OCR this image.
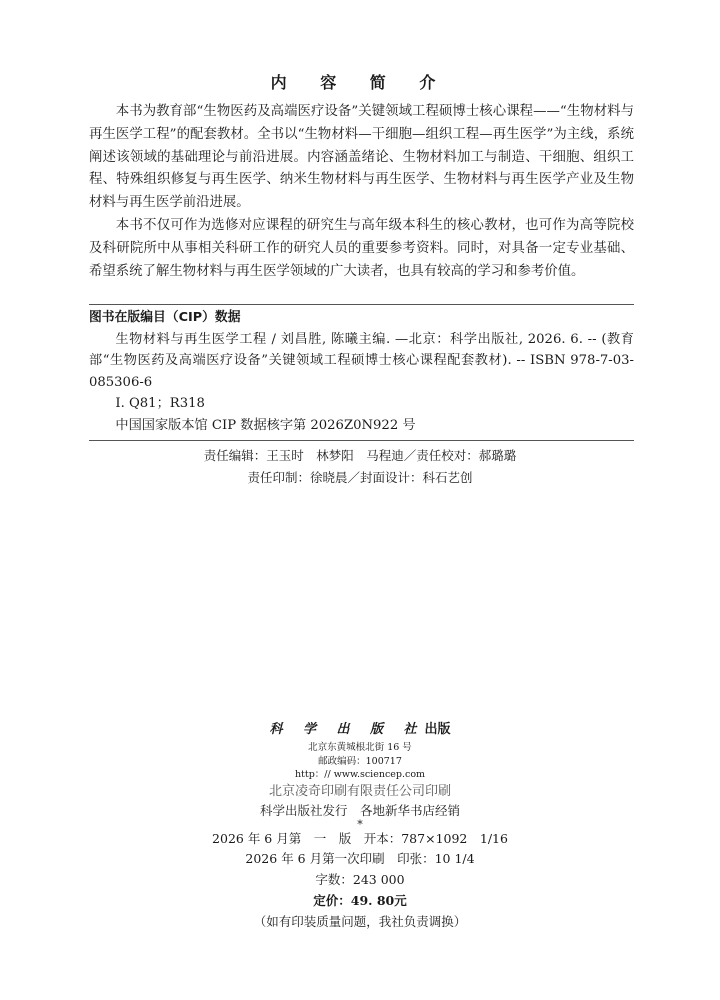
内 容 简 介

本书为教育部“生物医药及高端医疗设备”关键领域工程硕博士核心课程——“生物材料与再生医学工程”的配套教材。全书以“生物材料—干细胞—组织工程—再生医学”为主线，系统阐述该领域的基础理论与前沿进展。内容涵盖绪论、生物材料加工与制造、干细胞、组织工程、特殊组织修复与再生医学、纳米生物材料与再生医学、生物材料与再生医学产业及生物材料与再生医学前沿进展。

本书不仅可作为选修对应课程的研究生与高年级本科生的核心教材，也可作为高等院校及科研院所中从事相关科研工作的研究人员的重要参考资料。同时，对具备一定专业基础、希望系统了解生物材料与再生医学领域的广大读者，也具有较高的学习和参考价值。

图书在版编目（CIP）数据
生物材料与再生医学工程 / 刘昌胜, 陈曦主编. —北京：科学出版社, 2026. 6. -- (教育部“生物医药及高端医疗设备”关键领域工程硕博士核心课程配套教材). -- ISBN 978-7-03-085306-6
Ⅰ. Q81；R318
中国国家版本馆 CIP 数据核字第 2026Z0N922 号
责任编辑：王玉时　林梦阳　马程迪／责任校对：郝璐璐
责任印制：徐晓晨／封面设计：科石艺创
科 学 出 版 社出版
北京东黄城根北街 16 号
邮政编码：100717
http：// www.sciencep.com
北京凌奇印刷有限责任公司印刷
科学出版社发行　各地新华书店经销
*
2026 年 6 月第　一　版　开本：787×1092　1/16
2026 年 6 月第一次印刷　印张：10 1/4
字数：243 000
定价：49. 80元
（如有印装质量问题，我社负责调换）
